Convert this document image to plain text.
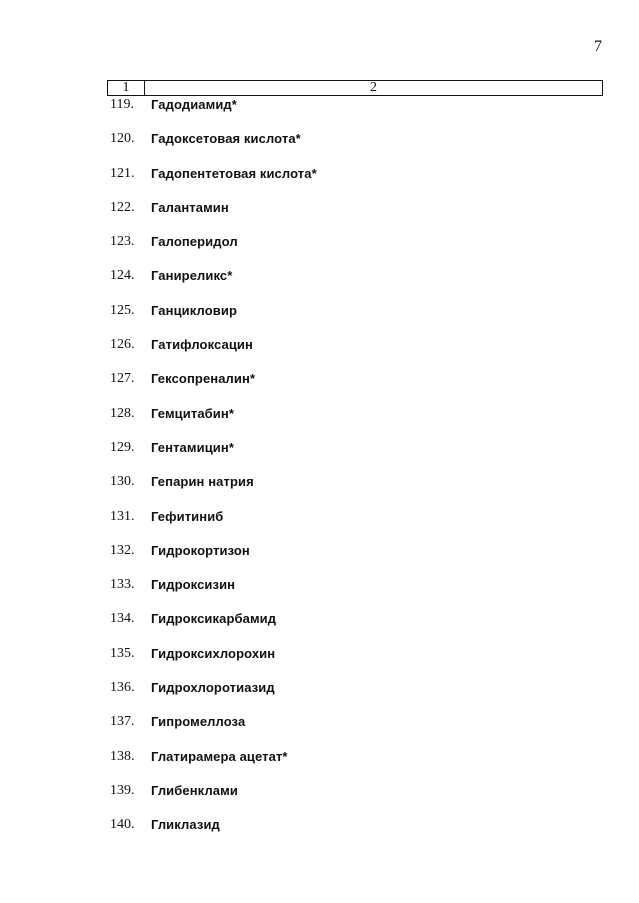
7
1	2
119.	Гадодиамид*
120.	Гадоксетовая кислота*
121.	Гадопентетовая кислота*
122.	Галантамин
123.	Галоперидол
124.	Ганиреликс*
125.	Ганцикловир
126.	Гатифлоксацин
127.	Гексопреналин*
128.	Гемцитабин*
129.	Гентамицин*
130.	Гепарин натрия
131.	Гефитиниб
132.	Гидрокортизон
133.	Гидроксизин
134.	Гидроксикарбамид
135.	Гидроксихлорохин
136.	Гидрохлоротиазид
137.	Гипромеллоза
138.	Глатирамера ацетат*
139.	Глибенклами
140.	Гликлазид
